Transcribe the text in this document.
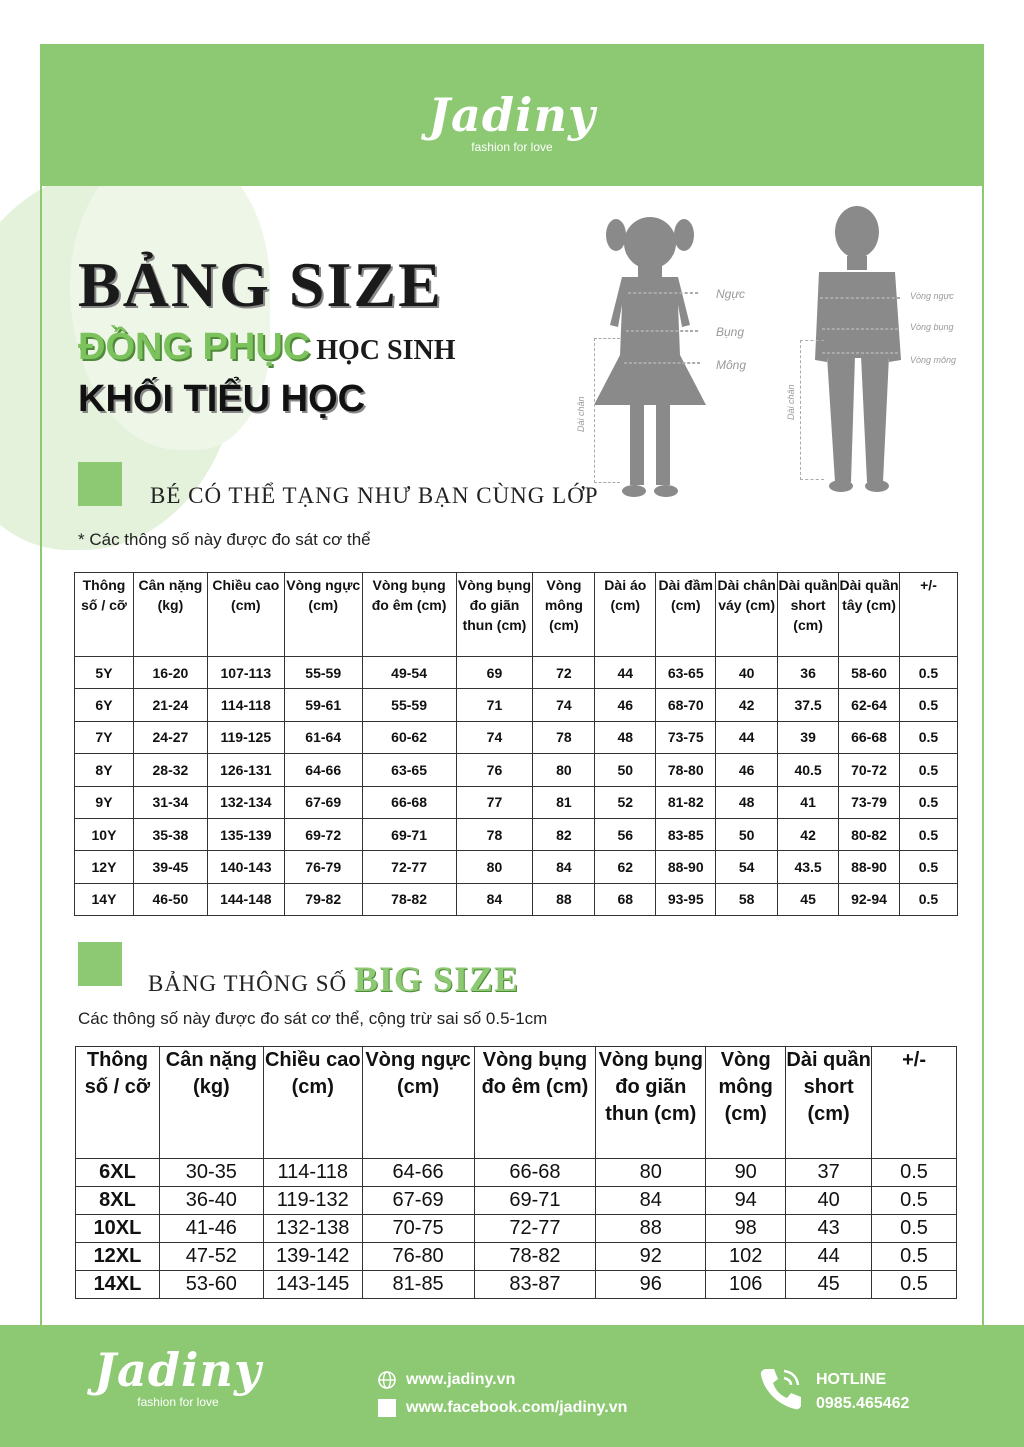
Jadiny
fashion for love
BẢNG SIZE
ĐỒNG PHỤC HỌC SINH
KHỐI TIỂU HỌC
Ngực
Bụng
Mông
Dài chân
Vòng ngực
Vòng bụng
Vòng mông
Dài chân
BÉ CÓ THỂ TẠNG NHƯ BẠN CÙNG LỚP
* Các thông số này được đo sát cơ thể
Thông số / cỡ	Cân nặng (kg)	Chiều cao (cm)	Vòng ngực (cm)	Vòng bụng đo êm (cm)	Vòng bụng đo giãn thun (cm)	Vòng mông (cm)	Dài áo (cm)	Dài đầm (cm)	Dài chân váy (cm)	Dài quần short (cm)	Dài quần tây (cm)	+/-
5Y	16-20	107-113	55-59	49-54	69	72	44	63-65	40	36	58-60	0.5
6Y	21-24	114-118	59-61	55-59	71	74	46	68-70	42	37.5	62-64	0.5
7Y	24-27	119-125	61-64	60-62	74	78	48	73-75	44	39	66-68	0.5
8Y	28-32	126-131	64-66	63-65	76	80	50	78-80	46	40.5	70-72	0.5
9Y	31-34	132-134	67-69	66-68	77	81	52	81-82	48	41	73-79	0.5
10Y	35-38	135-139	69-72	69-71	78	82	56	83-85	50	42	80-82	0.5
12Y	39-45	140-143	76-79	72-77	80	84	62	88-90	54	43.5	88-90	0.5
14Y	46-50	144-148	79-82	78-82	84	88	68	93-95	58	45	92-94	0.5
BẢNG THÔNG SỐ BIG SIZE
Các thông số này được đo sát cơ thể, cộng trừ sai số 0.5-1cm
Thông số / cỡ	Cân nặng (kg)	Chiều cao (cm)	Vòng ngực (cm)	Vòng bụng đo êm (cm)	Vòng bụng đo giãn thun (cm)	Vòng mông (cm)	Dài quần short (cm)	+/-
6XL	30-35	114-118	64-66	66-68	80	90	37	0.5
8XL	36-40	119-132	67-69	69-71	84	94	40	0.5
10XL	41-46	132-138	70-75	72-77	88	98	43	0.5
12XL	47-52	139-142	76-80	78-82	92	102	44	0.5
14XL	53-60	143-145	81-85	83-87	96	106	45	0.5
Jadiny
fashion for love
www.jadiny.vn
www.facebook.com/jadiny.vn
HOTLINE
0985.465462
